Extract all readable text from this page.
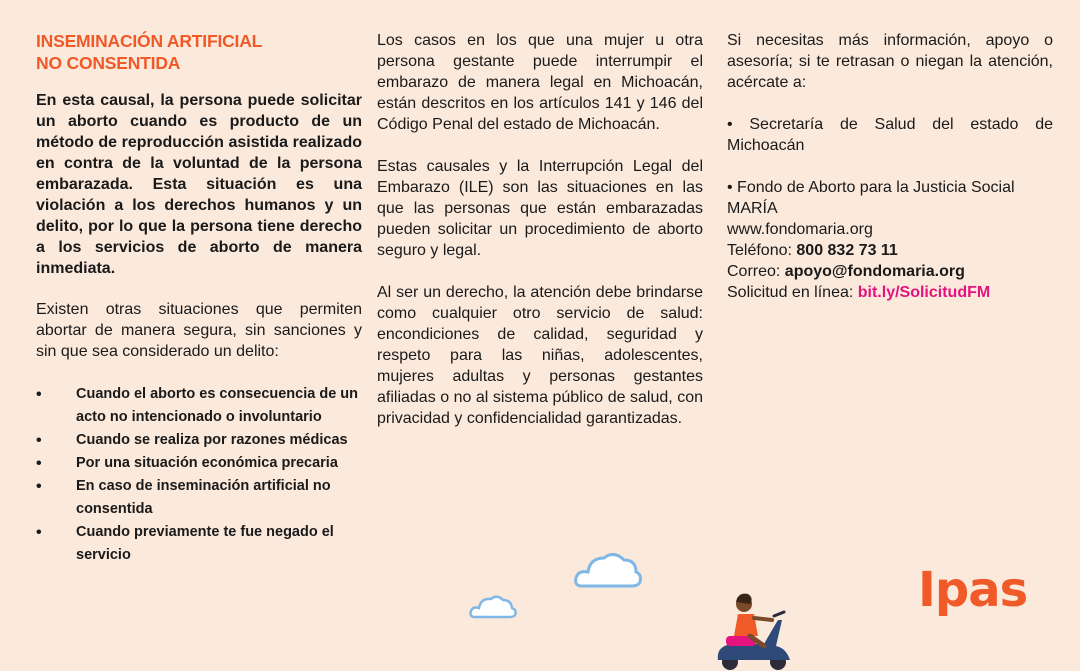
INSEMINACIÓN ARTIFICIAL
NO CONSENTIDA

En esta causal, la persona puede solicitar un aborto cuando es producto de un método de reproducción asistida realizado en contra de la voluntad de la persona embarazada. Esta situación es una violación a los derechos humanos y un delito, por lo que la persona tiene derecho a los servicios de aborto de manera inmediata.

Existen otras situaciones que permiten abortar de manera segura, sin sanciones y sin que sea considerado un delito:

• Cuando el aborto es consecuencia de un acto no intencionado o involuntario
• Cuando se realiza por razones médicas
• Por una situación económica precaria
• En caso de inseminación artificial no consentida
• Cuando previamente te fue negado el servicio

Los casos en los que una mujer u otra persona gestante puede interrumpir el embarazo de manera legal en Michoacán, están descritos en los artículos 141 y 146 del Código Penal del estado de Michoacán.

Estas causales y la Interrupción Legal del Embarazo (ILE) son las situaciones en las que las personas que están embarazadas pueden solicitar un procedimiento de aborto seguro y legal.

Al ser un derecho, la atención debe brindarse como cualquier otro servicio de salud: encondiciones de calidad, seguridad y respeto para las niñas, adolescentes, mujeres adultas y personas gestantes afiliadas o no al sistema público de salud, con privacidad y confidencialidad garantizadas.

Si necesitas más información, apoyo o asesoría; si te retrasan o niegan la atención, acércate a:

• Secretaría de Salud del estado de Michoacán

• Fondo de Aborto para la Justicia Social MARÍA
www.fondomaria.org
Teléfono: 800 832 73 11
Correo: apoyo@fondomaria.org
Solicitud en línea: bit.ly/SolicitudFM
Ipas
